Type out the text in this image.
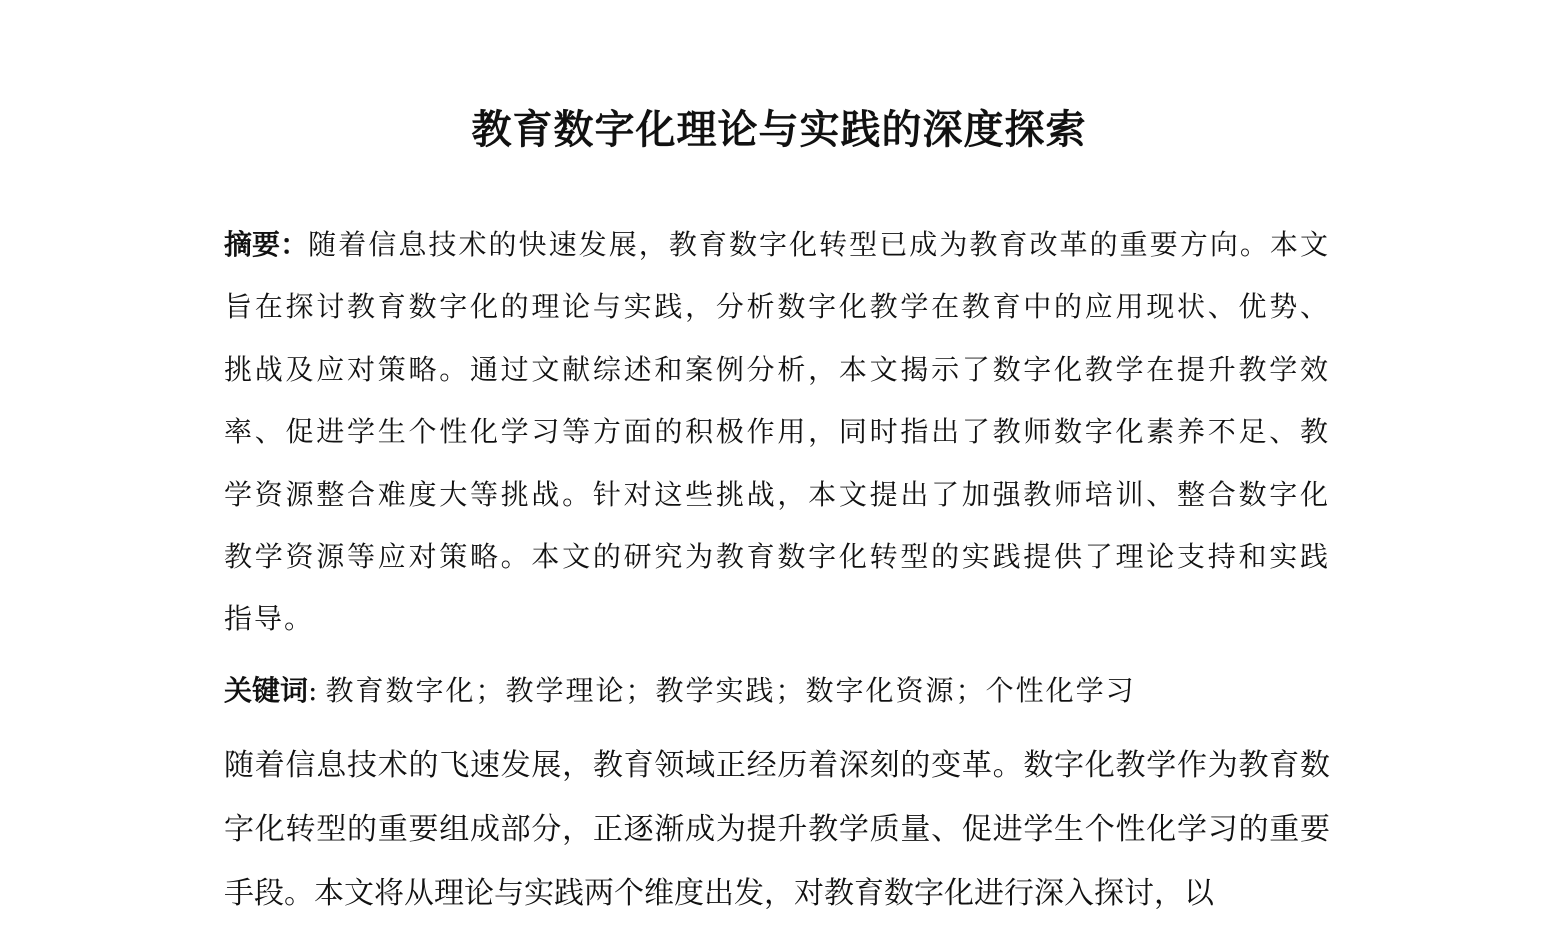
教育数字化理论与实践的深度探索

摘要：随着信息技术的快速发展，教育数字化转型已成为教育改革的重要方向。本文旨在探讨教育数字化的理论与实践，分析数字化教学在教育中的应用现状、优势、挑战及应对策略。通过文献综述和案例分析，本文揭示了数字化教学在提升教学效率、促进学生个性化学习等方面的积极作用，同时指出了教师数字化素养不足、教学资源整合难度大等挑战。针对这些挑战，本文提出了加强教师培训、整合数字化教学资源等应对策略。本文的研究为教育数字化转型的实践提供了理论支持和实践指导。

关键词: 教育数字化；教学理论；教学实践；数字化资源；个性化学习

随着信息技术的飞速发展，教育领域正经历着深刻的变革。数字化教学作为教育数字化转型的重要组成部分，正逐渐成为提升教学质量、促进学生个性化学习的重要手段。本文将从理论与实践两个维度出发，对教育数字化进行深入探讨，以
